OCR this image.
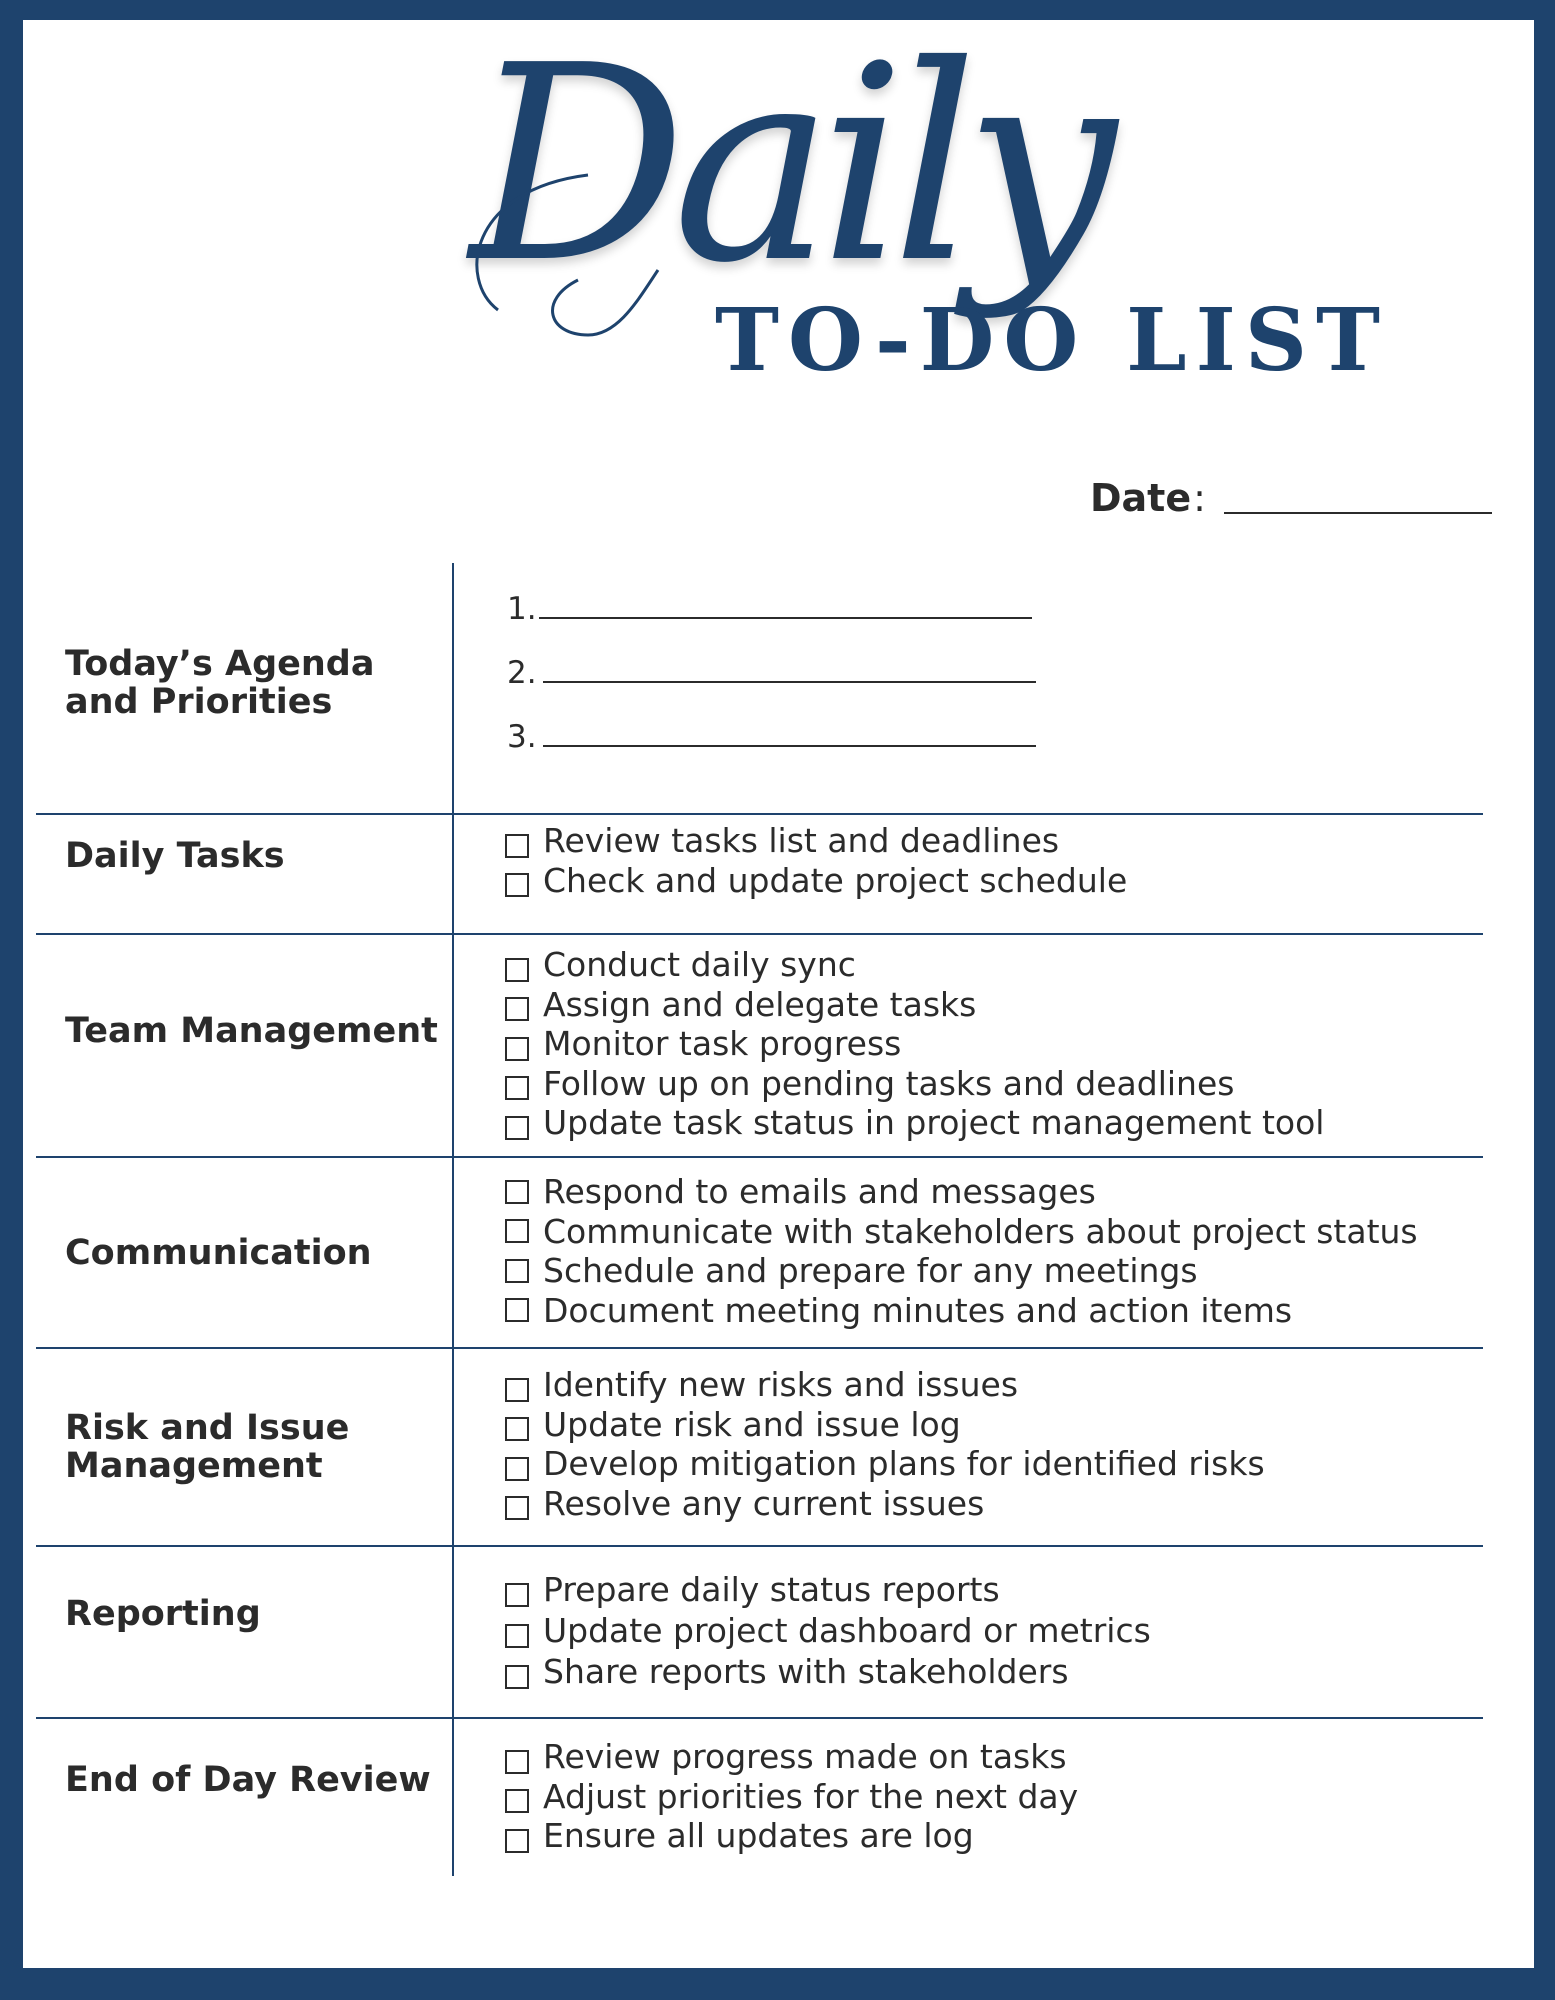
Daily
TO-DO LIST
Date :
Today’s Agenda and Priorities
1.
2.
3.
Daily Tasks	Review tasks list and deadlines
Check and update project schedule
Team Management
Conduct daily sync
Assign and delegate tasks
Monitor task progress
Follow up on pending tasks and deadlines
Update task status in project management tool
Communication
Respond to emails and messages
Communicate with stakeholders about project status
Schedule and prepare for any meetings
Document meeting minutes and action items
Risk and Issue Management
Identify new risks and issues
Update risk and issue log
Develop mitigation plans for identified risks
Resolve any current issues
Reporting
Prepare daily status reports
Update project dashboard or metrics
Share reports with stakeholders
End of Day Review
Review progress made on tasks
Adjust priorities for the next day
Ensure all updates are log
